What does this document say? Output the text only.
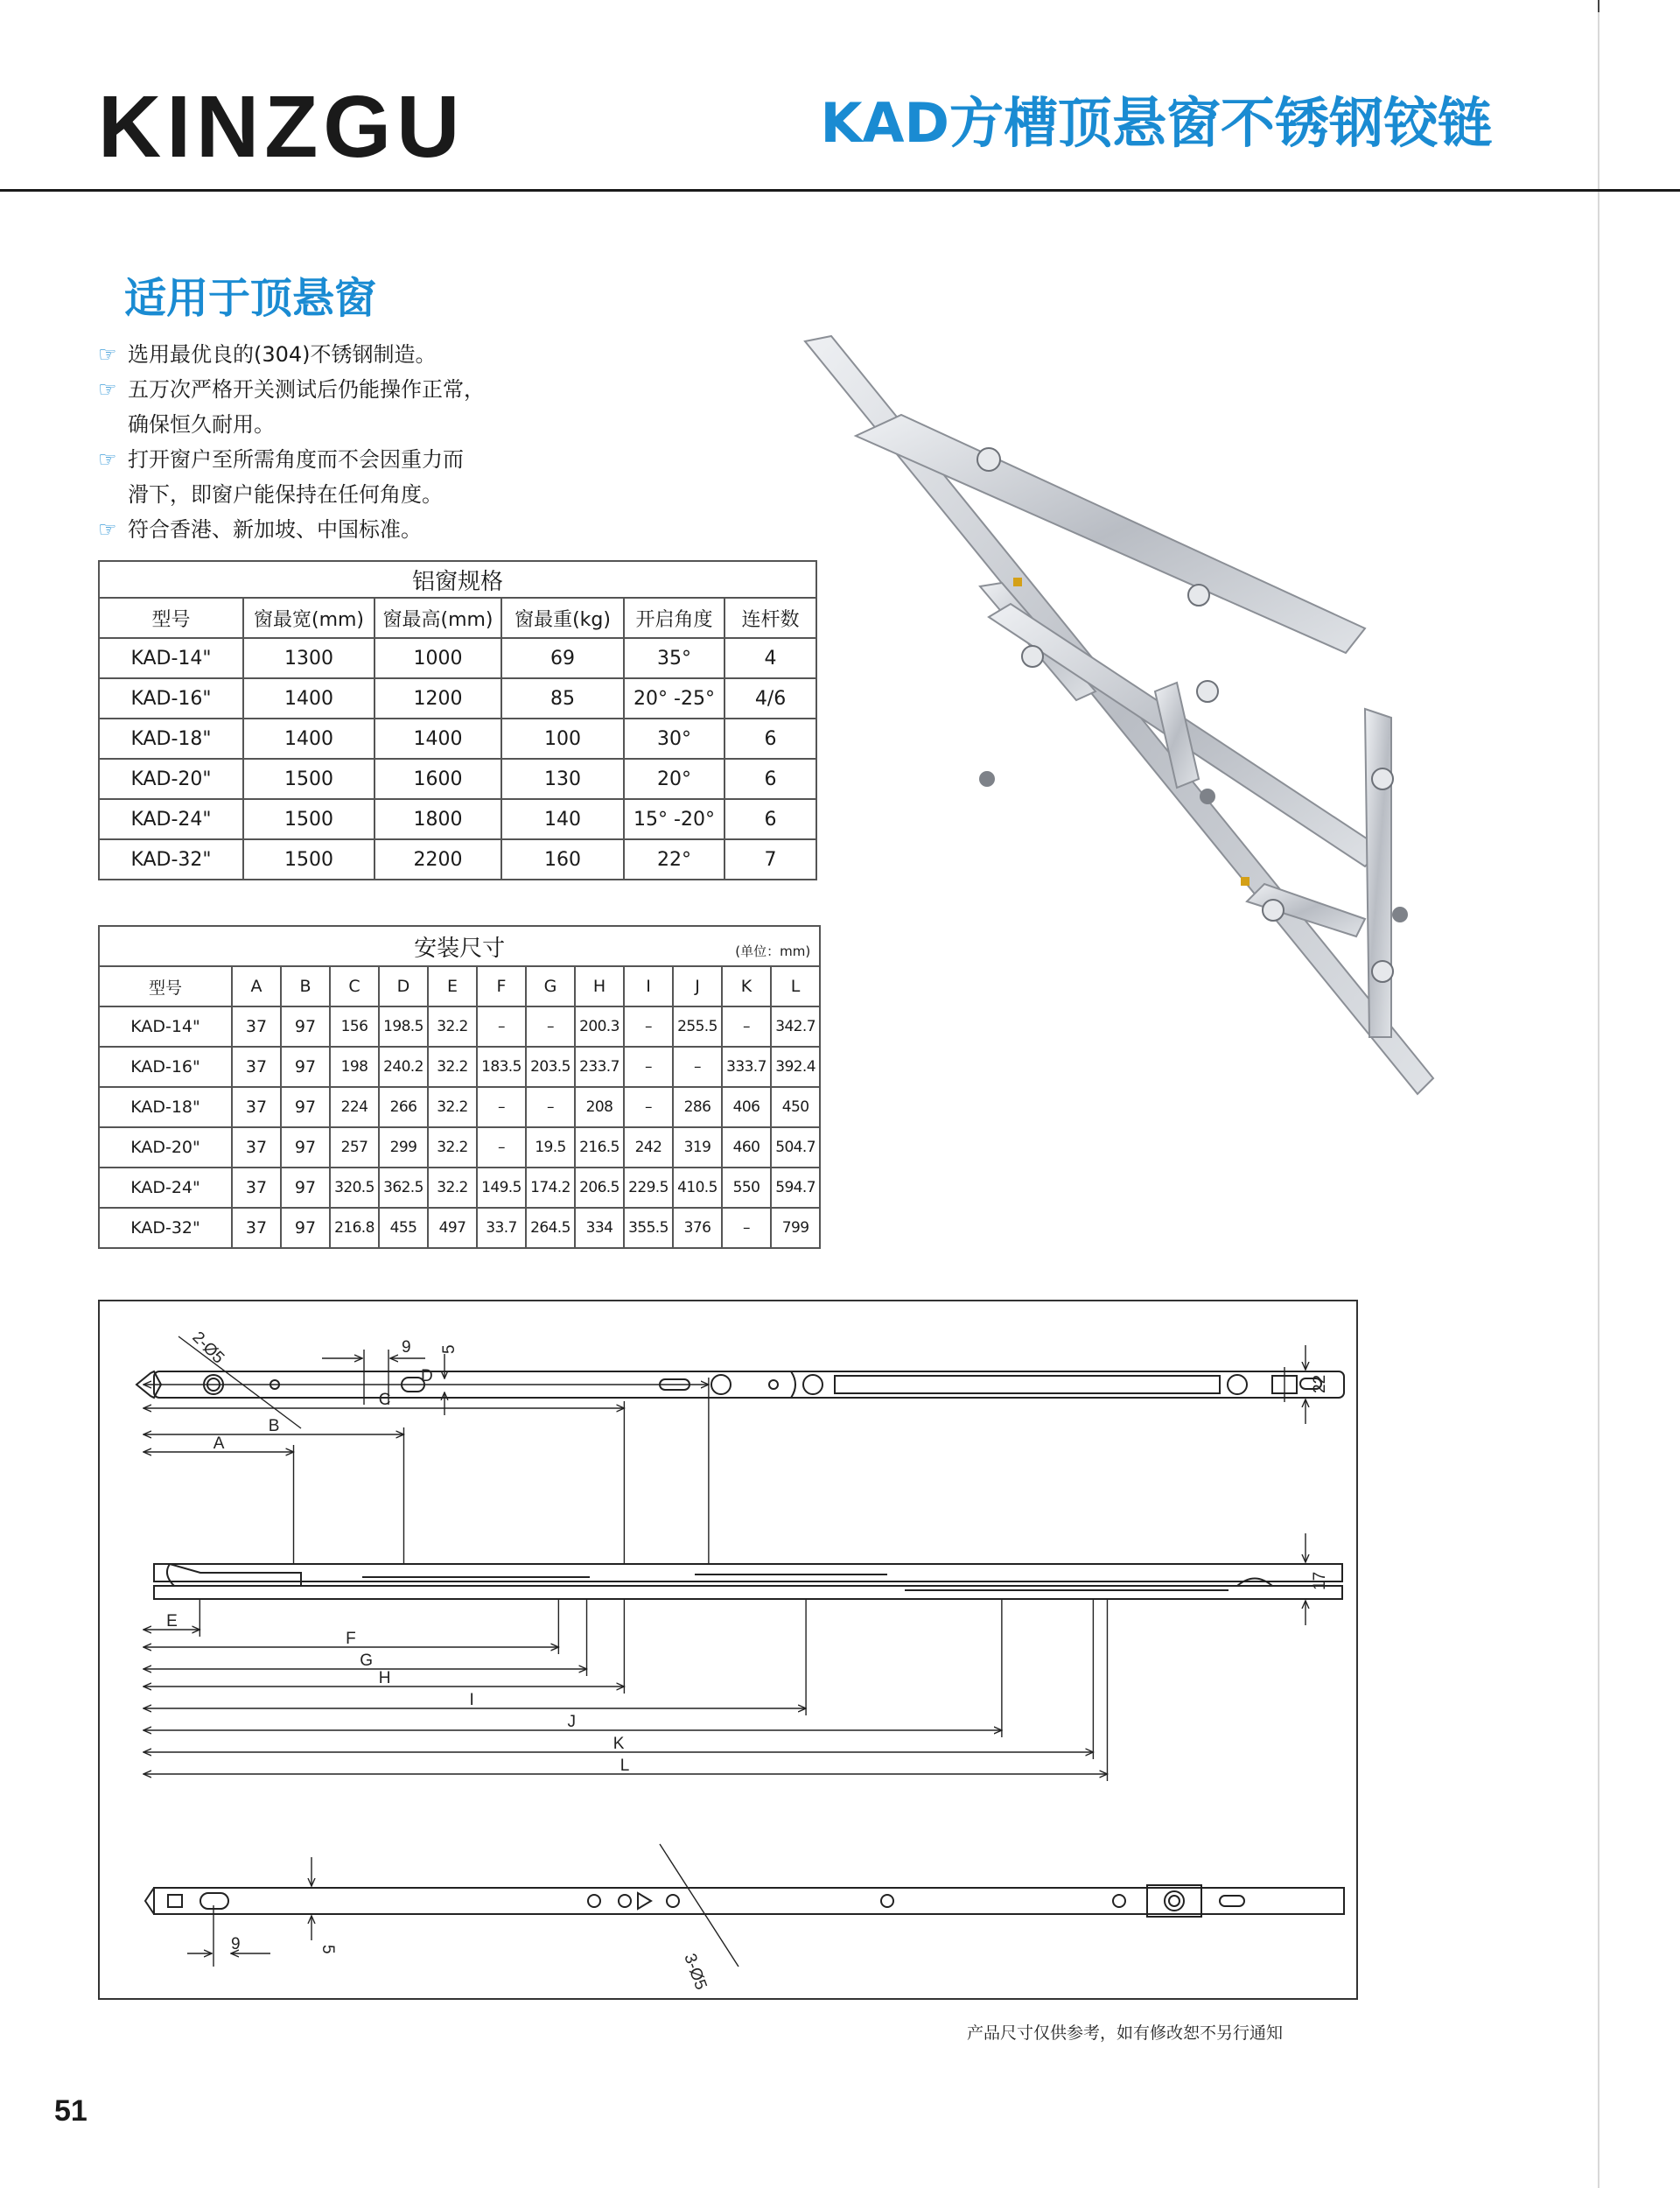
KINZGU	KAD方槽顶悬窗不锈钢铰链
适用于顶悬窗
☞ 选用最优良的(304)不锈钢制造。
☞ 五万次严格开关测试后仍能操作正常，
确保恒久耐用。
☞ 打开窗户至所需角度而不会因重力而
滑下，即窗户能保持在任何角度。
☞ 符合香港、新加坡、中国标准。
铝窗规格					
型号	窗最宽(mm)	窗最高(mm)	窗最重(kg)	开启角度	连杆数
KAD-14"	1300	1000	69	35°	4
KAD-16"	1400	1200	85	20° -25°	4/6
KAD-18"	1400	1400	100	30°	6
KAD-20"	1500	1600	130	20°	6
KAD-24"	1500	1800	140	15° -20°	6
KAD-32"	1500	2200	160	22°	7
安装尺寸 (单位：mm)												

型号	A	B	C	D	E	F	G	H	I	J	K	L
KAD-14"	37	97	156	198.5	32.2	–	–	200.3	–	255.5	–	342.7
KAD-16"	37	97	198	240.2	32.2	183.5	203.5	233.7	–	–	333.7	392.4
KAD-18"	37	97	224	266	32.2	–	–	208	–	286	406	450
KAD-20"	37	97	257	299	32.2	–	19.5	216.5	242	319	460	504.7
KAD-24"	37	97	320.5	362.5	32.2	149.5	174.2	206.5	229.5	410.5	550	594.7
KAD-32"	37	97	216.8	455	497	33.7	264.5	334	355.5	376	–	799
A
B
C
D
E
F
G
H
I
J
K
L
2-Ø5
3-Ø5
9 5
22
17
9	5
产品尺寸仅供参考，如有修改恕不另行通知
51
